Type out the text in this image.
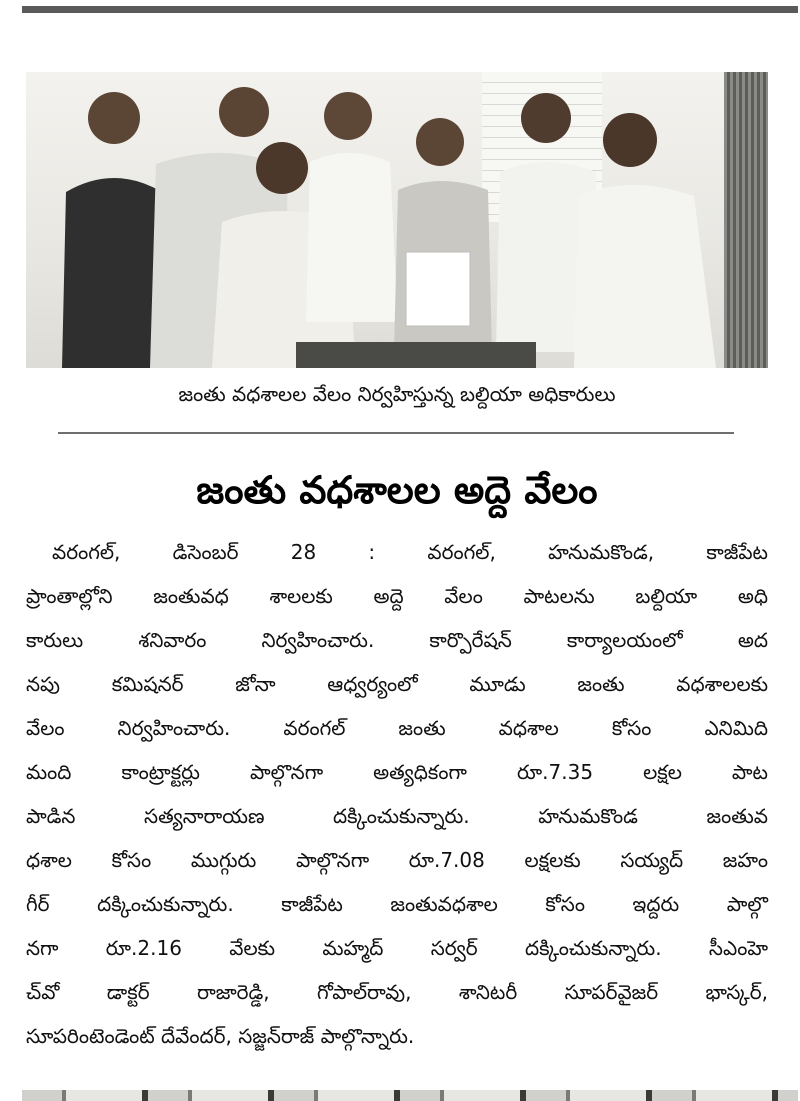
జంతు వధశాలల వేలం నిర్వహిస్తున్న బల్దియా అధికారులు
జంతు వధశాలల అద్దె వేలం
వరంగల్, డిసెంబర్ 28 : వరంగల్, హనుమకొండ, కాజీపేట
ప్రాంతాల్లోని జంతువధ శాలలకు అద్దె వేలం పాటలను బల్దియా అధి
కారులు శనివారం నిర్వహించారు. కార్పొరేషన్ కార్యాలయంలో అద
నపు కమిషనర్ జోనా ఆధ్వర్యంలో మూడు జంతు వధశాలలకు
వేలం నిర్వహించారు. వరంగల్ జంతు వధశాల కోసం ఎనిమిది
మంది కాంట్రాక్టర్లు పాల్గొనగా అత్యధికంగా రూ.7.35 లక్షల పాట
పాడిన సత్యనారాయణ దక్కించుకున్నారు. హనుమకొండ జంతువ
ధశాల కోసం ముగ్గురు పాల్గొనగా రూ.7.08 లక్షలకు సయ్యద్ జహం
గీర్ దక్కించుకున్నారు. కాజీపేట జంతువధశాల కోసం ఇద్దరు పాల్గొ
నగా రూ.2.16 వేలకు మహ్మద్ సర్వర్ దక్కించుకున్నారు. సీఎంహె
చ్‌వో డాక్టర్ రాజారెడ్డి, గోపాల్‌రావు, శానిటరీ సూపర్‌వైజర్ భాస్కర్,
సూపరింటెండెంట్ దేవేందర్, సజ్జన్‌రాజ్ పాల్గొన్నారు.
